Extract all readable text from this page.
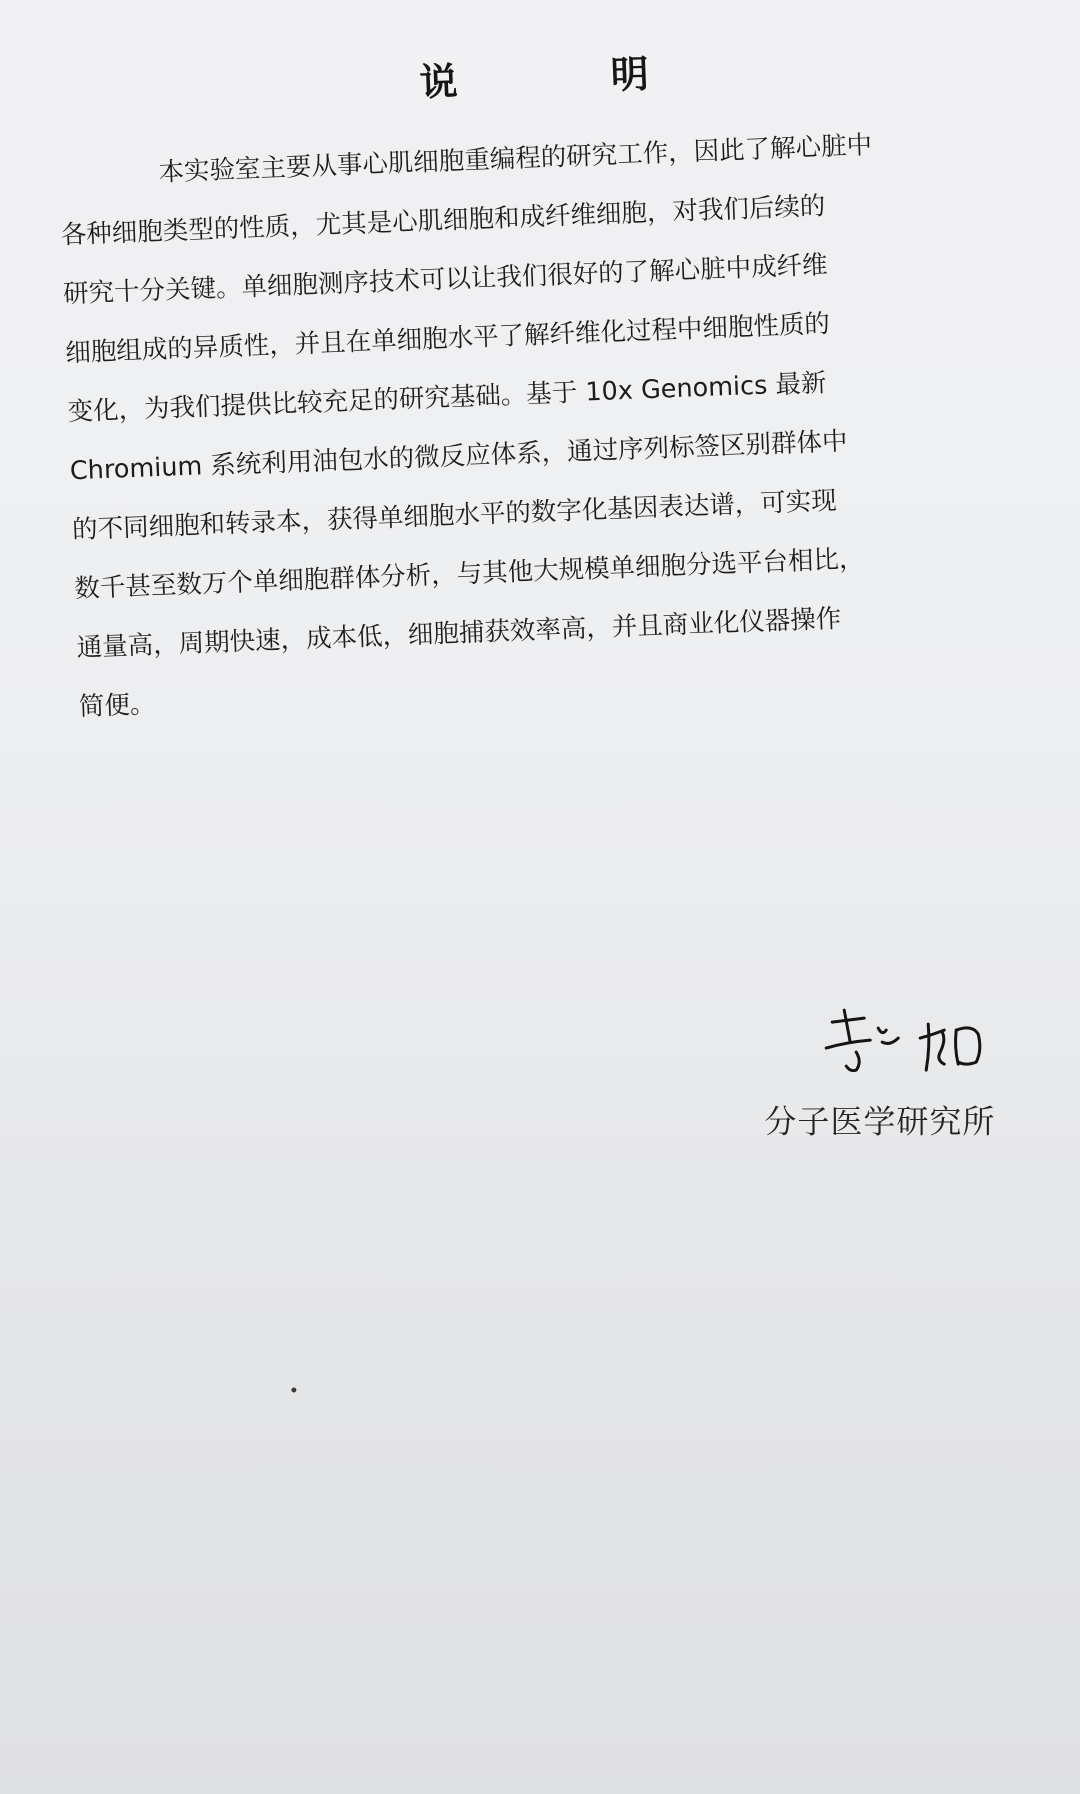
说 明
本实验室主要从事心肌细胞重编程的研究工作，因此了解心脏中
各种细胞类型的性质，尤其是心肌细胞和成纤维细胞，对我们后续的
研究十分关键。单细胞测序技术可以让我们很好的了解心脏中成纤维
细胞组成的异质性，并且在单细胞水平了解纤维化过程中细胞性质的
变化，为我们提供比较充足的研究基础。基于 10x Genomics 最新
Chromium 系统利用油包水的微反应体系，通过序列标签区别群体中
的不同细胞和转录本，获得单细胞水平的数字化基因表达谱，可实现
数千甚至数万个单细胞群体分析，与其他大规模单细胞分选平台相比，
通量高，周期快速，成本低，细胞捕获效率高，并且商业化仪器操作
简便。
分子医学研究所
